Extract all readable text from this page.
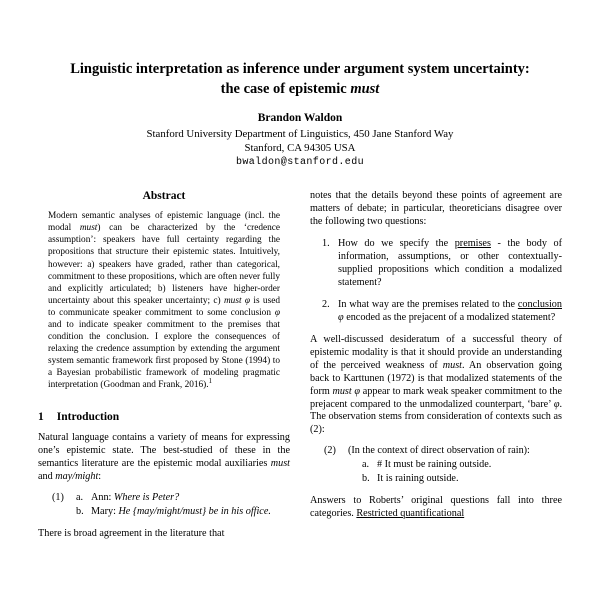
Linguistic interpretation as inference under argument system uncertainty: the case of epistemic must
Brandon Waldon
Stanford University Department of Linguistics, 450 Jane Stanford Way
Stanford, CA 94305 USA
bwaldon@stanford.edu
Abstract

Modern semantic analyses of epistemic language (incl. the modal must) can be characterized by the ‘credence assumption’: speakers have full certainty regarding the propositions that structure their epistemic states. Intuitively, however: a) speakers have graded, rather than categorical, commitment to these propositions, which are often never fully and explicitly articulated; b) listeners have higher-order uncertainty about this speaker uncertainty; c) must φ is used to communicate speaker commitment to some conclusion φ and to indicate speaker commitment to the premises that condition the conclusion. I explore the consequences of relaxing the credence assumption by extending the argument system semantic framework first proposed by Stone (1994) to a Bayesian probabilistic framework of modeling pragmatic interpretation (Goodman and Frank, 2016).$^1$

1 Introduction

Natural language contains a variety of means for expressing one’s epistemic state. The best-studied of these in the semantics literature are the epistemic modal auxiliaries must and may/might:

(1)	a. Ann: Where is Peter?
b. Mary: He {may/might/must} be in his office.

There is broad agreement in the literature that

notes that the details beyond these points of agreement are matters of debate; in particular, theoreticians disagree over the following two questions:

1. How do we specify the premises - the body of information, assumptions, or other contextually-supplied propositions which condition a modalized statement?
2. In what way are the premises related to the conclusion φ encoded as the prejacent of a modalized statement?

A well-discussed desideratum of a successful theory of epistemic modality is that it should provide an understanding of the perceived weakness of must. An observation going back to Karttunen (1972) is that modalized statements of the form must φ appear to mark weak speaker commitment to the prejacent compared to the unmodalized counterpart, ‘bare’ φ. The observation stems from consideration of contexts such as (2):

(2)	(In the context of direct observation of rain):
a. # It must be raining outside.
b. It is raining outside.

Answers to Roberts’ original questions fall into three categories. Restricted quantificational
